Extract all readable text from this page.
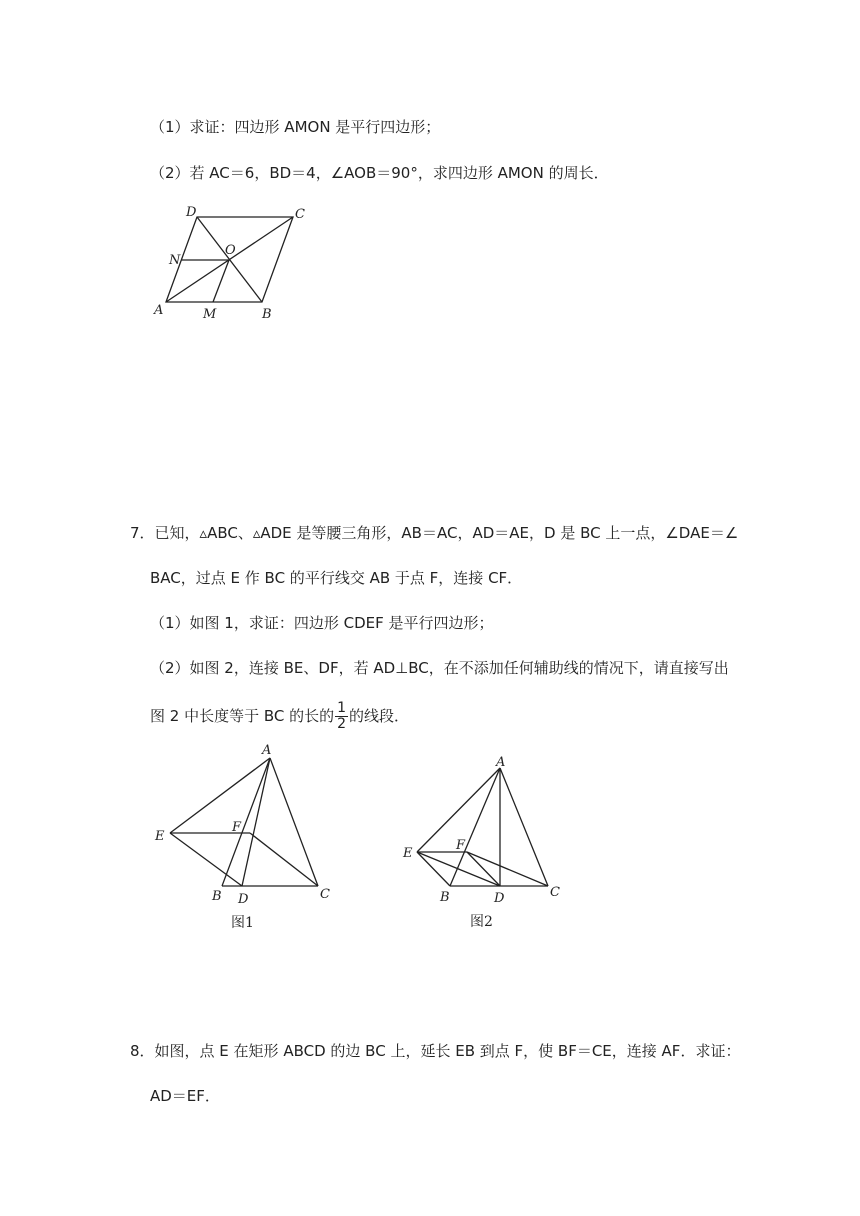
（1）求证：四边形 AMON 是平行四边形；
（2）若 AC＝6，BD＝4，∠AOB＝90°，求四边形 AMON 的周长．
D	C
O
N
A	M	B
7．已知，▵ABC、▵ADE 是等腰三角形，AB＝AC，AD＝AE，D 是 BC 上一点，∠DAE＝∠
BAC，过点 E 作 BC 的平行线交 AB 于点 F，连接 CF．
（1）如图 1，求证：四边形 CDEF 是平行四边形；
（2）如图 2，连接 BE、DF，若 AD⊥BC，在不添加任何辅助线的情况下，请直接写出
图 2 中长度等于 BC 的长的 $\frac{1}{2}$ 的线段．
A
E
F
B D	C
图1
A
E
F
B	D	C
图2
8．如图，点 E 在矩形 ABCD 的边 BC 上，延长 EB 到点 F，使 BF＝CE，连接 AF．求证：
AD＝EF．
